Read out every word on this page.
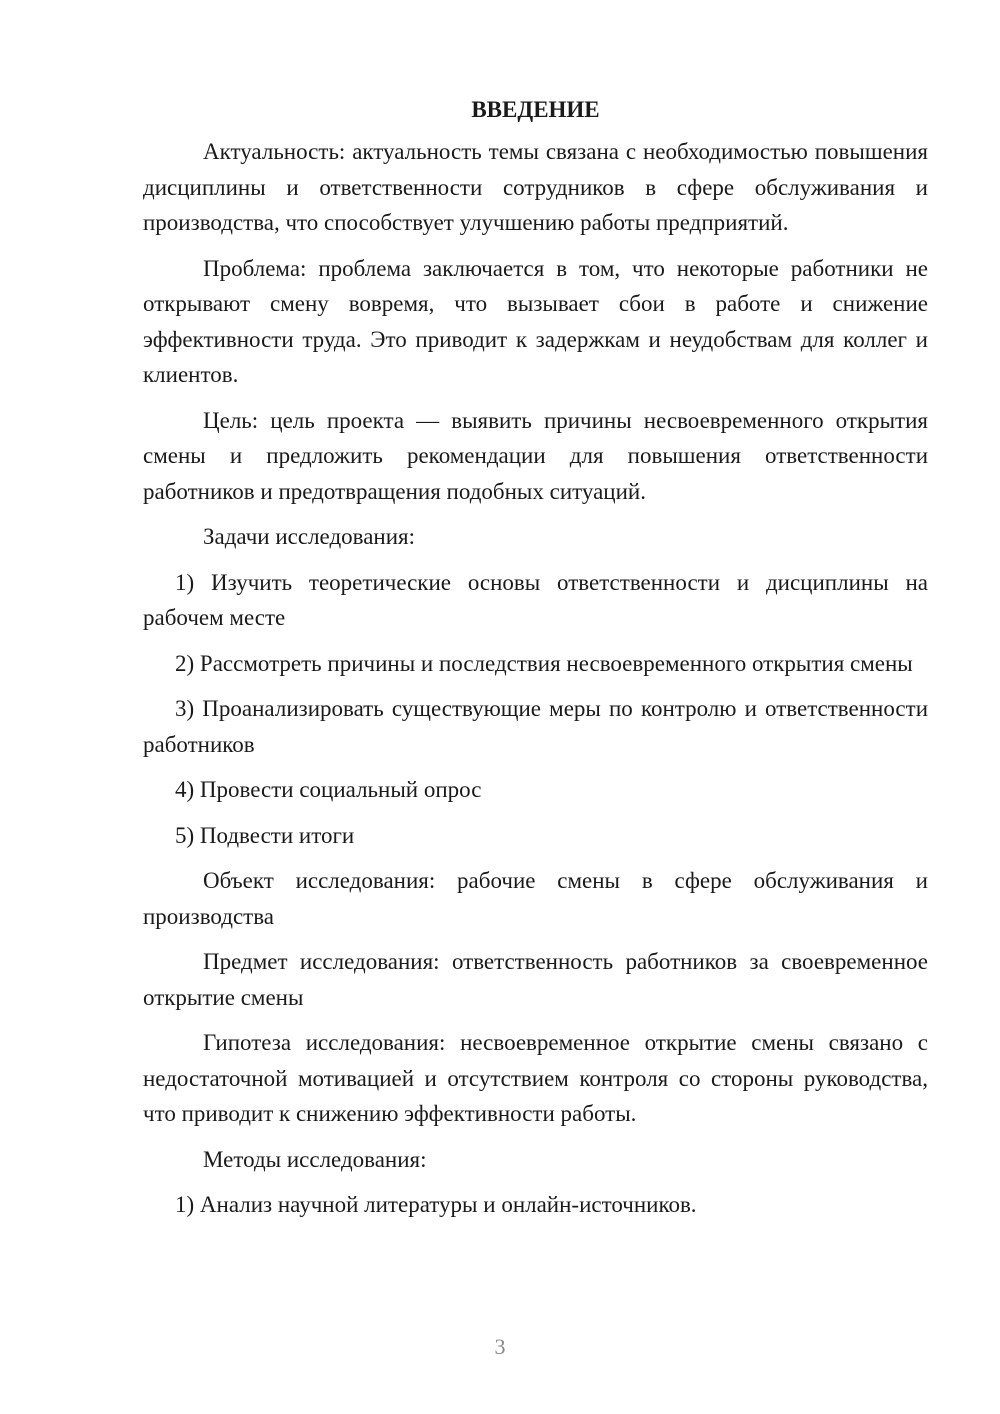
ВВЕДЕНИЕ

Актуальность: актуальность темы связана с необходимостью повышения дисциплины и ответственности сотрудников в сфере обслуживания и производства, что способствует улучшению работы предприятий.

Проблема: проблема заключается в том, что некоторые работники не открывают смену вовремя, что вызывает сбои в работе и снижение эффективности труда. Это приводит к задержкам и неудобствам для коллег и клиентов.

Цель: цель проекта — выявить причины несвоевременного открытия смены и предложить рекомендации для повышения ответственности работников и предотвращения подобных ситуаций.

Задачи исследования:

1) Изучить теоретические основы ответственности и дисциплины на рабочем месте

2) Рассмотреть причины и последствия несвоевременного открытия смены

3) Проанализировать существующие меры по контролю и ответственности работников

4) Провести социальный опрос

5) Подвести итоги

Объект исследования: рабочие смены в сфере обслуживания и производства

Предмет исследования: ответственность работников за своевременное открытие смены

Гипотеза исследования: несвоевременное открытие смены связано с недостаточной мотивацией и отсутствием контроля со стороны руководства, что приводит к снижению эффективности работы.

Методы исследования:

1) Анализ научной литературы и онлайн-источников.

3
